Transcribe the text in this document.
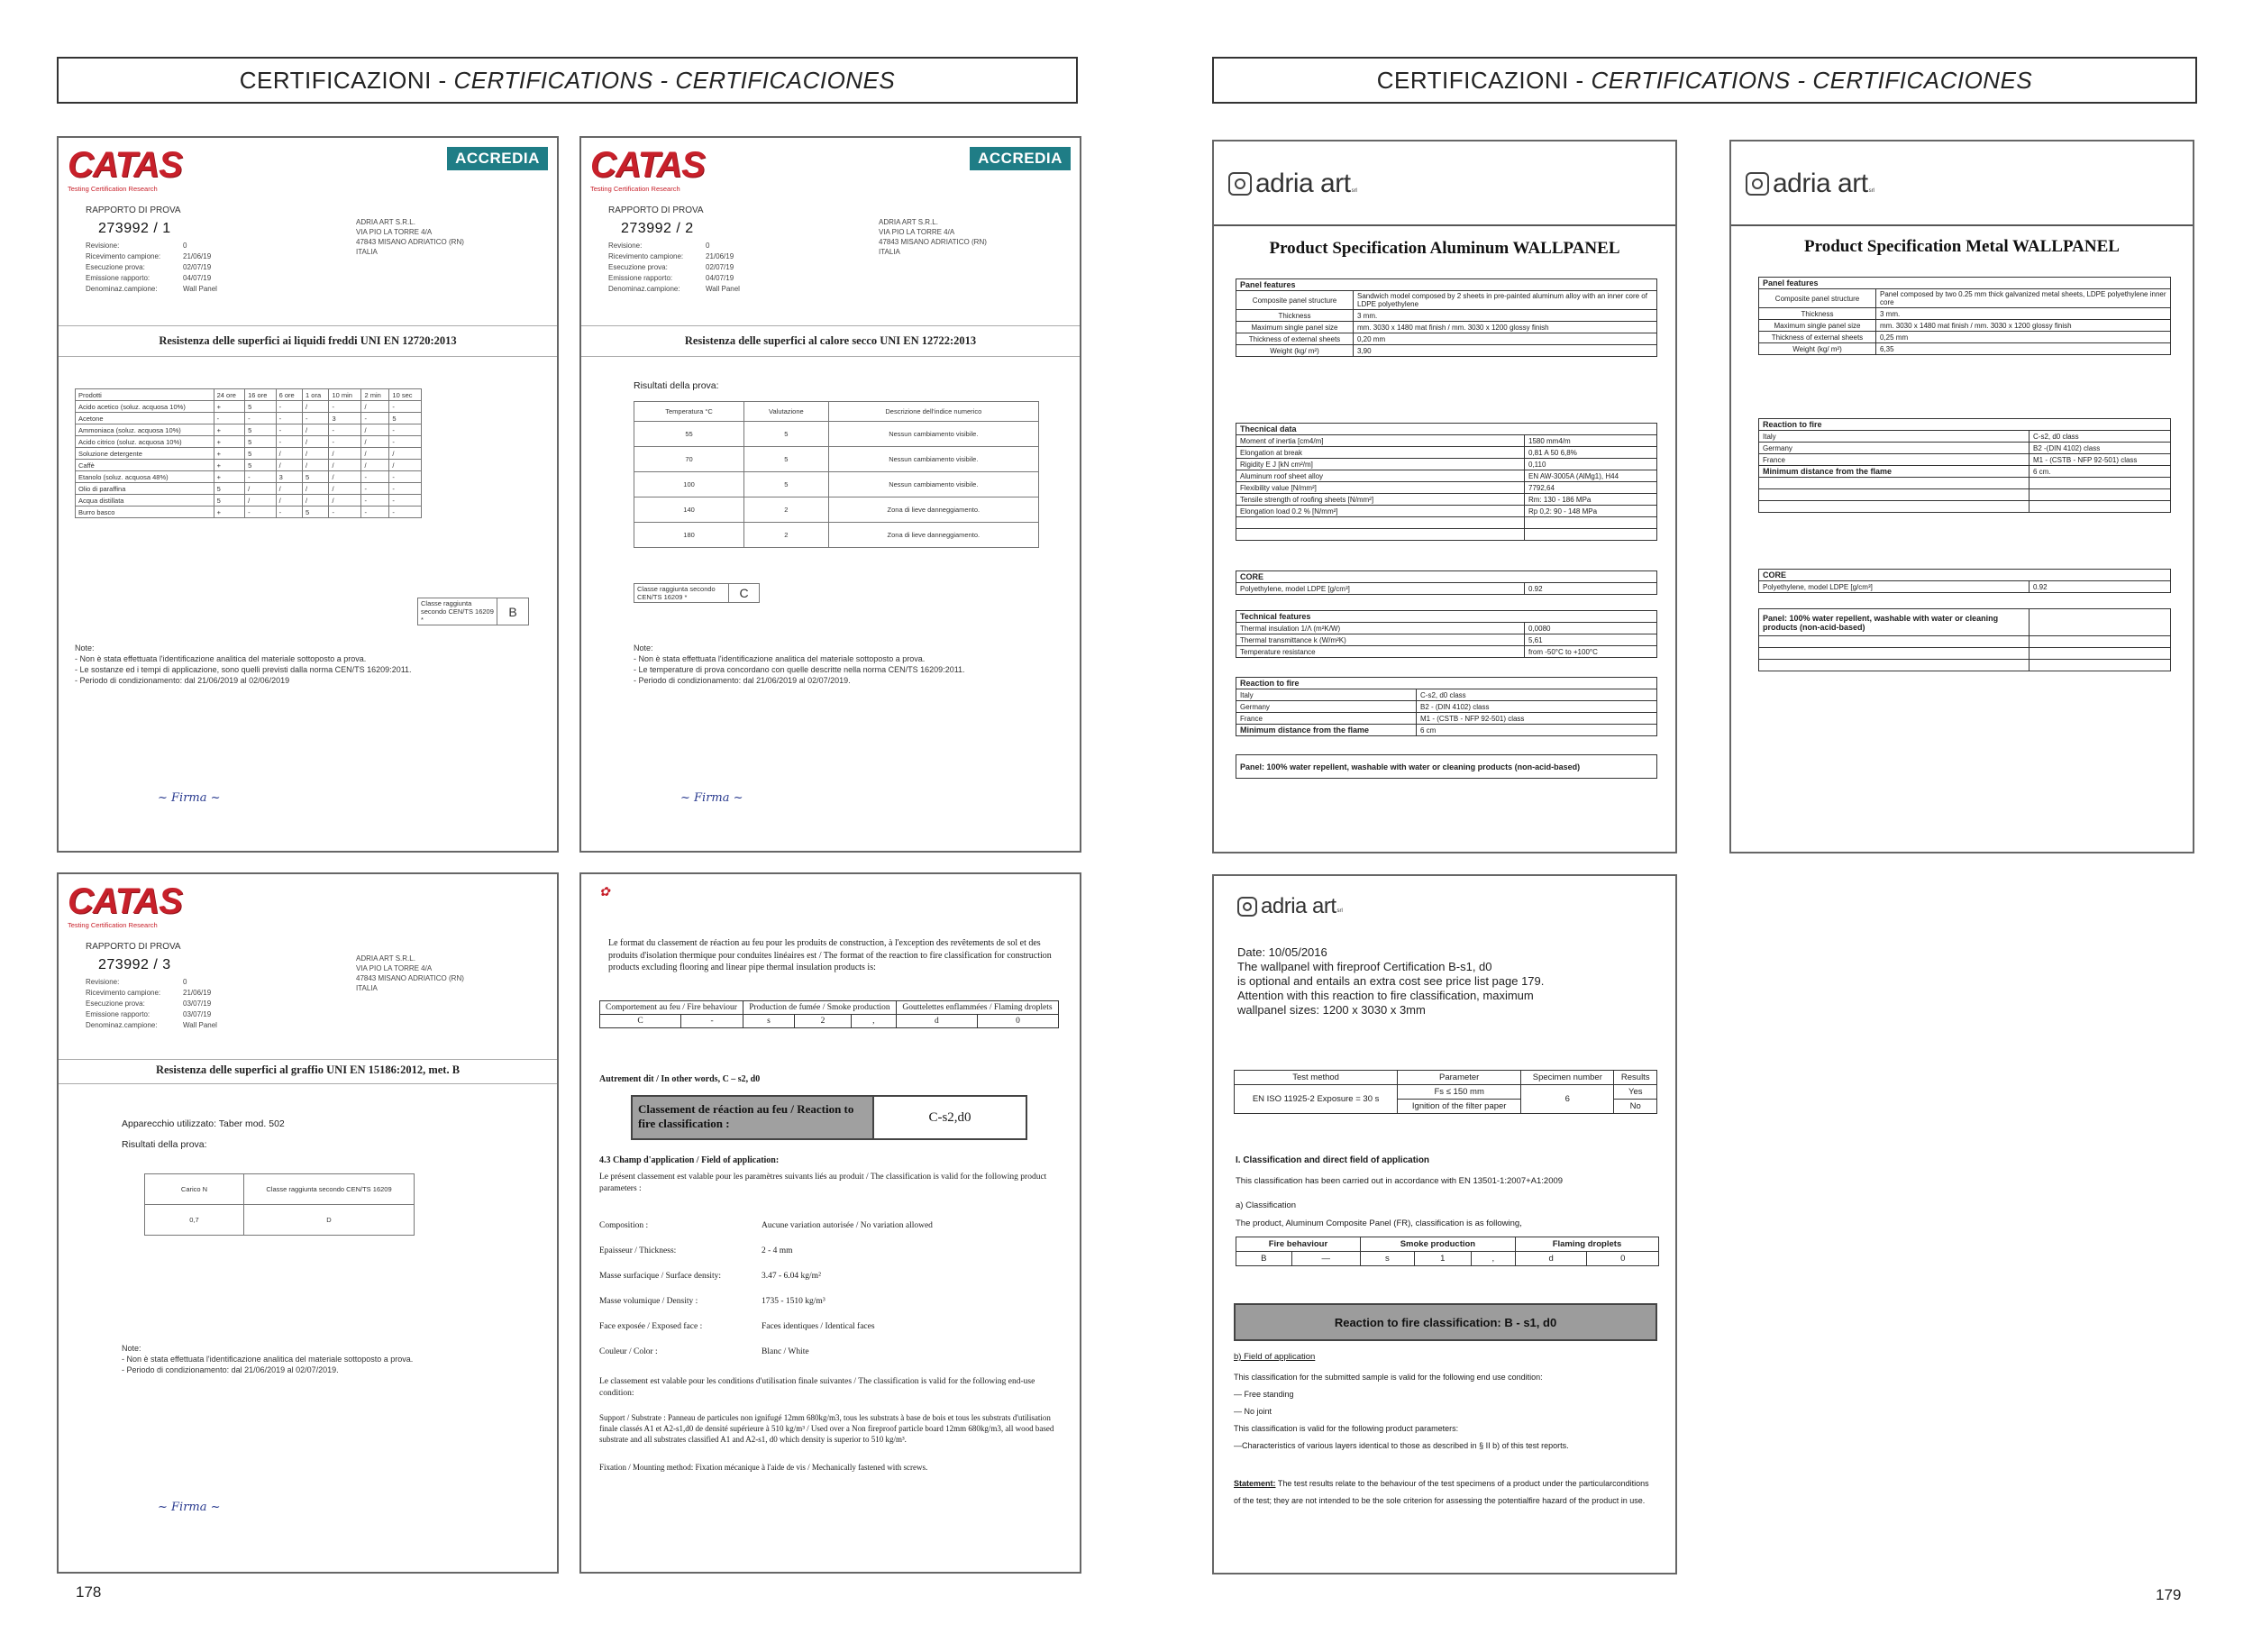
CERTIFICAZIONI -
CERTIFICATIONS - CERTIFICACIONES	CERTIFICAZIONI -
CERTIFICATIONS - CERTIFICACIONES
CATAS
Testing Certification Research
ACCREDIA
RAPPORTO DI PROVA
273992 / 1
Revisione:	0
Ricevimento campione:	21/06/19
Esecuzione prova:	02/07/19
Emissione rapporto:	04/07/19
Denominaz.campione:	Wall Panel
ADRIA ART S.R.L.
VIA PIO LA TORRE 4/A
47843 MISANO ADRIATICO (RN)
ITALIA
Resistenza delle superfici ai liquidi freddi UNI EN 12720:2013
Prodotti	24 ore	16 ore	6 ore	1 ora	10 min	2 min	10 sec
Acido acetico (soluz. acquosa 10%)	+	5	-	/	-	/	-
Acetone	-	-	-	-	3	-	5
Ammoniaca (soluz. acquosa 10%)	+	5	-	/	-	/	-
Acido citrico (soluz. acquosa 10%)	+	5	-	/	-	/	-
Soluzione detergente	+	5	/	/	/	/	/
Caffè	+	5	/	/	/	/	/
Etanolo (soluz. acquosa 48%)	+	-	3	5	/	-	-
Olio di paraffina	5	/	/	/	/	-	-
Acqua distillata	5	/	/	/	/	-	-
Burro basco	+	-	-	5	-	-	-
Classe raggiunta secondo CEN/TS 16209 *	B
Note:
- Non è stata effettuata l'identificazione analitica del materiale sottoposto a prova.
- Le sostanze ed i tempi di applicazione, sono quelli previsti dalla norma CEN/TS 16209:2011.
- Periodo di condizionamento: dal 21/06/2019 al 02/06/2019
~ Firma ~
CATAS
Testing Certification Research
ACCREDIA
RAPPORTO DI PROVA
273992 / 2
Revisione:	0
Ricevimento campione:	21/06/19
Esecuzione prova:	02/07/19
Emissione rapporto:	04/07/19
Denominaz.campione:	Wall Panel
ADRIA ART S.R.L.
VIA PIO LA TORRE 4/A
47843 MISANO ADRIATICO (RN)
ITALIA
Resistenza delle superfici al calore secco UNI EN 12722:2013
Risultati della prova:
Temperatura °C	Valutazione	Descrizione dell'indice numerico
55	5	Nessun cambiamento visibile.
70	5	Nessun cambiamento visibile.
100	5	Nessun cambiamento visibile.
140	2	Zona di lieve danneggiamento.
180	2	Zona di lieve danneggiamento.
Classe raggiunta secondo CEN/TS 16209 *	C
Note:
- Non è stata effettuata l'identificazione analitica del materiale sottoposto a prova.
- Le temperature di prova concordano con quelle descritte nella norma CEN/TS 16209:2011.
- Periodo di condizionamento: dal 21/06/2019 al 02/07/2019.
~ Firma ~
CATAS
Testing Certification Research
RAPPORTO DI PROVA
273992 / 3
Revisione:	0
Ricevimento campione:	21/06/19
Esecuzione prova:	03/07/19
Emissione rapporto:	03/07/19
Denominaz.campione:	Wall Panel
ADRIA ART S.R.L.
VIA PIO LA TORRE 4/A
47843 MISANO ADRIATICO (RN)
ITALIA
Resistenza delle superfici al graffio UNI EN 15186:2012, met. B
Apparecchio utilizzato: Taber mod. 502
Risultati della prova:
Carico N	Classe raggiunta secondo CEN/TS 16209
0,7	D
Note:
- Non è stata effettuata l'identificazione analitica del materiale sottoposto a prova.
- Periodo di condizionamento: dal 21/06/2019 al 02/07/2019.
~ Firma ~
✿
Le format du classement de réaction au feu pour les produits de construction, à l'exception des revêtements de sol et des produits d'isolation thermique pour conduites linéaires est / The format of the reaction to fire classification for construction products excluding flooring and linear pipe thermal insulation products is:
Comportement au feu / Fire behaviour		Production de fumée / Smoke production			Gouttelettes enflammées / Flaming droplets	
C	-	s	2	,	d	0
Autrement dit / In other words, C – s2, d0
Classement de réaction au feu / Reaction to fire classification :	C-s2,d0
4.3 Champ d'application / Field of application:
Le présent classement est valable pour les paramètres suivants liés au produit / The classification is valid for the following product parameters :
Composition :	Aucune variation autorisée / No variation allowed
Epaisseur / Thickness:	2 - 4 mm
Masse surfacique / Surface density:	3.47 - 6.04 kg/m²
Masse volumique / Density :	1735 - 1510 kg/m³
Face exposée / Exposed face :	Faces identiques / Identical faces
Couleur / Color :	Blanc / White
Le classement est valable pour les conditions d'utilisation finale suivantes / The classification is valid for the following end-use condition:
Support / Substrate : Panneau de particules non ignifugé 12mm 680kg/m3, tous les substrats à base de bois et tous les substrats d'utilisation finale classés A1 et A2-s1,d0 de densité supérieure à 510 kg/m³ / Used over a Non fireproof particle board 12mm 680kg/m3, all wood based substrate and all substrates classified A1 and A2-s1, d0 which density is superior to 510 kg/m³.
Fixation / Mounting method: Fixation mécanique à l'aide de vis / Mechanically fastened with screws.
adria art srl
Product Specification Aluminum WALLPANEL
Panel features	
Composite panel structure	Sandwich model composed by 2 sheets in pre-painted aluminum alloy with an inner core of LDPE polyethylene
Thickness	3 mm.
Maximum single panel size	mm. 3030 x 1480 mat finish / mm. 3030 x 1200 glossy finish
Thickness of external sheets	0,20 mm
Weight (kg/ m²)	3,90
Thecnical data	
Moment of inertia [cm4/m]	1580 mm4/m
Elongation at break	0,81 A 50 6,8%
Rigidity E J [kN cm²/m]	0,110
Aluminum roof sheet alloy	EN AW-3005A (AlMg1), H44
Flexibility value [N/mm²]	7792,64
Tensile strength of roofing sheets [N/mm²]	Rm: 130 - 186 MPa
Elongation load 0.2 % [N/mm²]	Rp 0,2: 90 - 148 MPa

CORE
Polyethylene, model LDPE [g/cm³]	0.92
Technical features	
Thermal insulation 1/Λ (m²K/W)	0,0080
Thermal transmittance k (W/m²K)	5,61
Temperature resistance	from -50°C to +100°C
Reaction to fire	
Italy	C-s2, d0 class
Germany	B2 - (DIN 4102) class
France	M1 - (CSTB - NFP 92-501) class
Minimum distance from the flame	6 cm
Panel: 100% water repellent, washable with water or cleaning products (non-acid-based)
adria art srl
Product Specification Metal WALLPANEL
Panel features	
Composite panel structure	Panel composed by two 0.25 mm thick galvanized metal sheets, LDPE polyethylene inner core
Thickness	3 mm.
Maximum single panel size	mm. 3030 x 1480 mat finish / mm. 3030 x 1200 glossy finish
Thickness of external sheets	0,25 mm
Weight (kg/ m²)	6,35
Reaction to fire	
Italy	C-s2, d0 class
Germany	B2 -(DIN 4102) class
France	M1 - (CSTB - NFP 92-501) class
Minimum distance from the flame	6 cm.

CORE
Polyethylene, model LDPE [g/cm³]	0.92
Panel: 100% water repellent, washable with water or cleaning products (non-acid-based)	

adria art srl
Date: 10/05/2016
The wallpanel with fireproof Certification B-s1, d0
is optional and entails an extra cost see price list page 179.
Attention with this reaction to fire classification, maximum
wallpanel sizes: 1200 x 3030 x 3mm
Test method	Parameter	Specimen number	Results
EN ISO 11925-2 Exposure = 30 s	Fs ≤ 150 mm	6	Yes
	Ignition of the filter paper		No
I. Classification and direct field of application
This classification has been carried out in accordance with EN 13501-1:2007+A1:2009
a) Classification
The product, Aluminum Composite Panel (FR), classification is as following,
Fire behaviour		Smoke production			Flaming droplets	
B	—	s	1	,	d	0
Reaction to fire classification: B - s1, d0
b) Field of application
This classification for the submitted sample is valid for the following end use condition:
— Free standing
— No joint
This classification is valid for the following product parameters:
—Characteristics of various layers identical to those as described in § II b) of this test reports.
Statement: The test results relate to the behaviour of the test specimens of a product under the particularconditions of the test; they are not intended to be the sole criterion for assessing the potentialfire hazard of the product in use.
178	179
